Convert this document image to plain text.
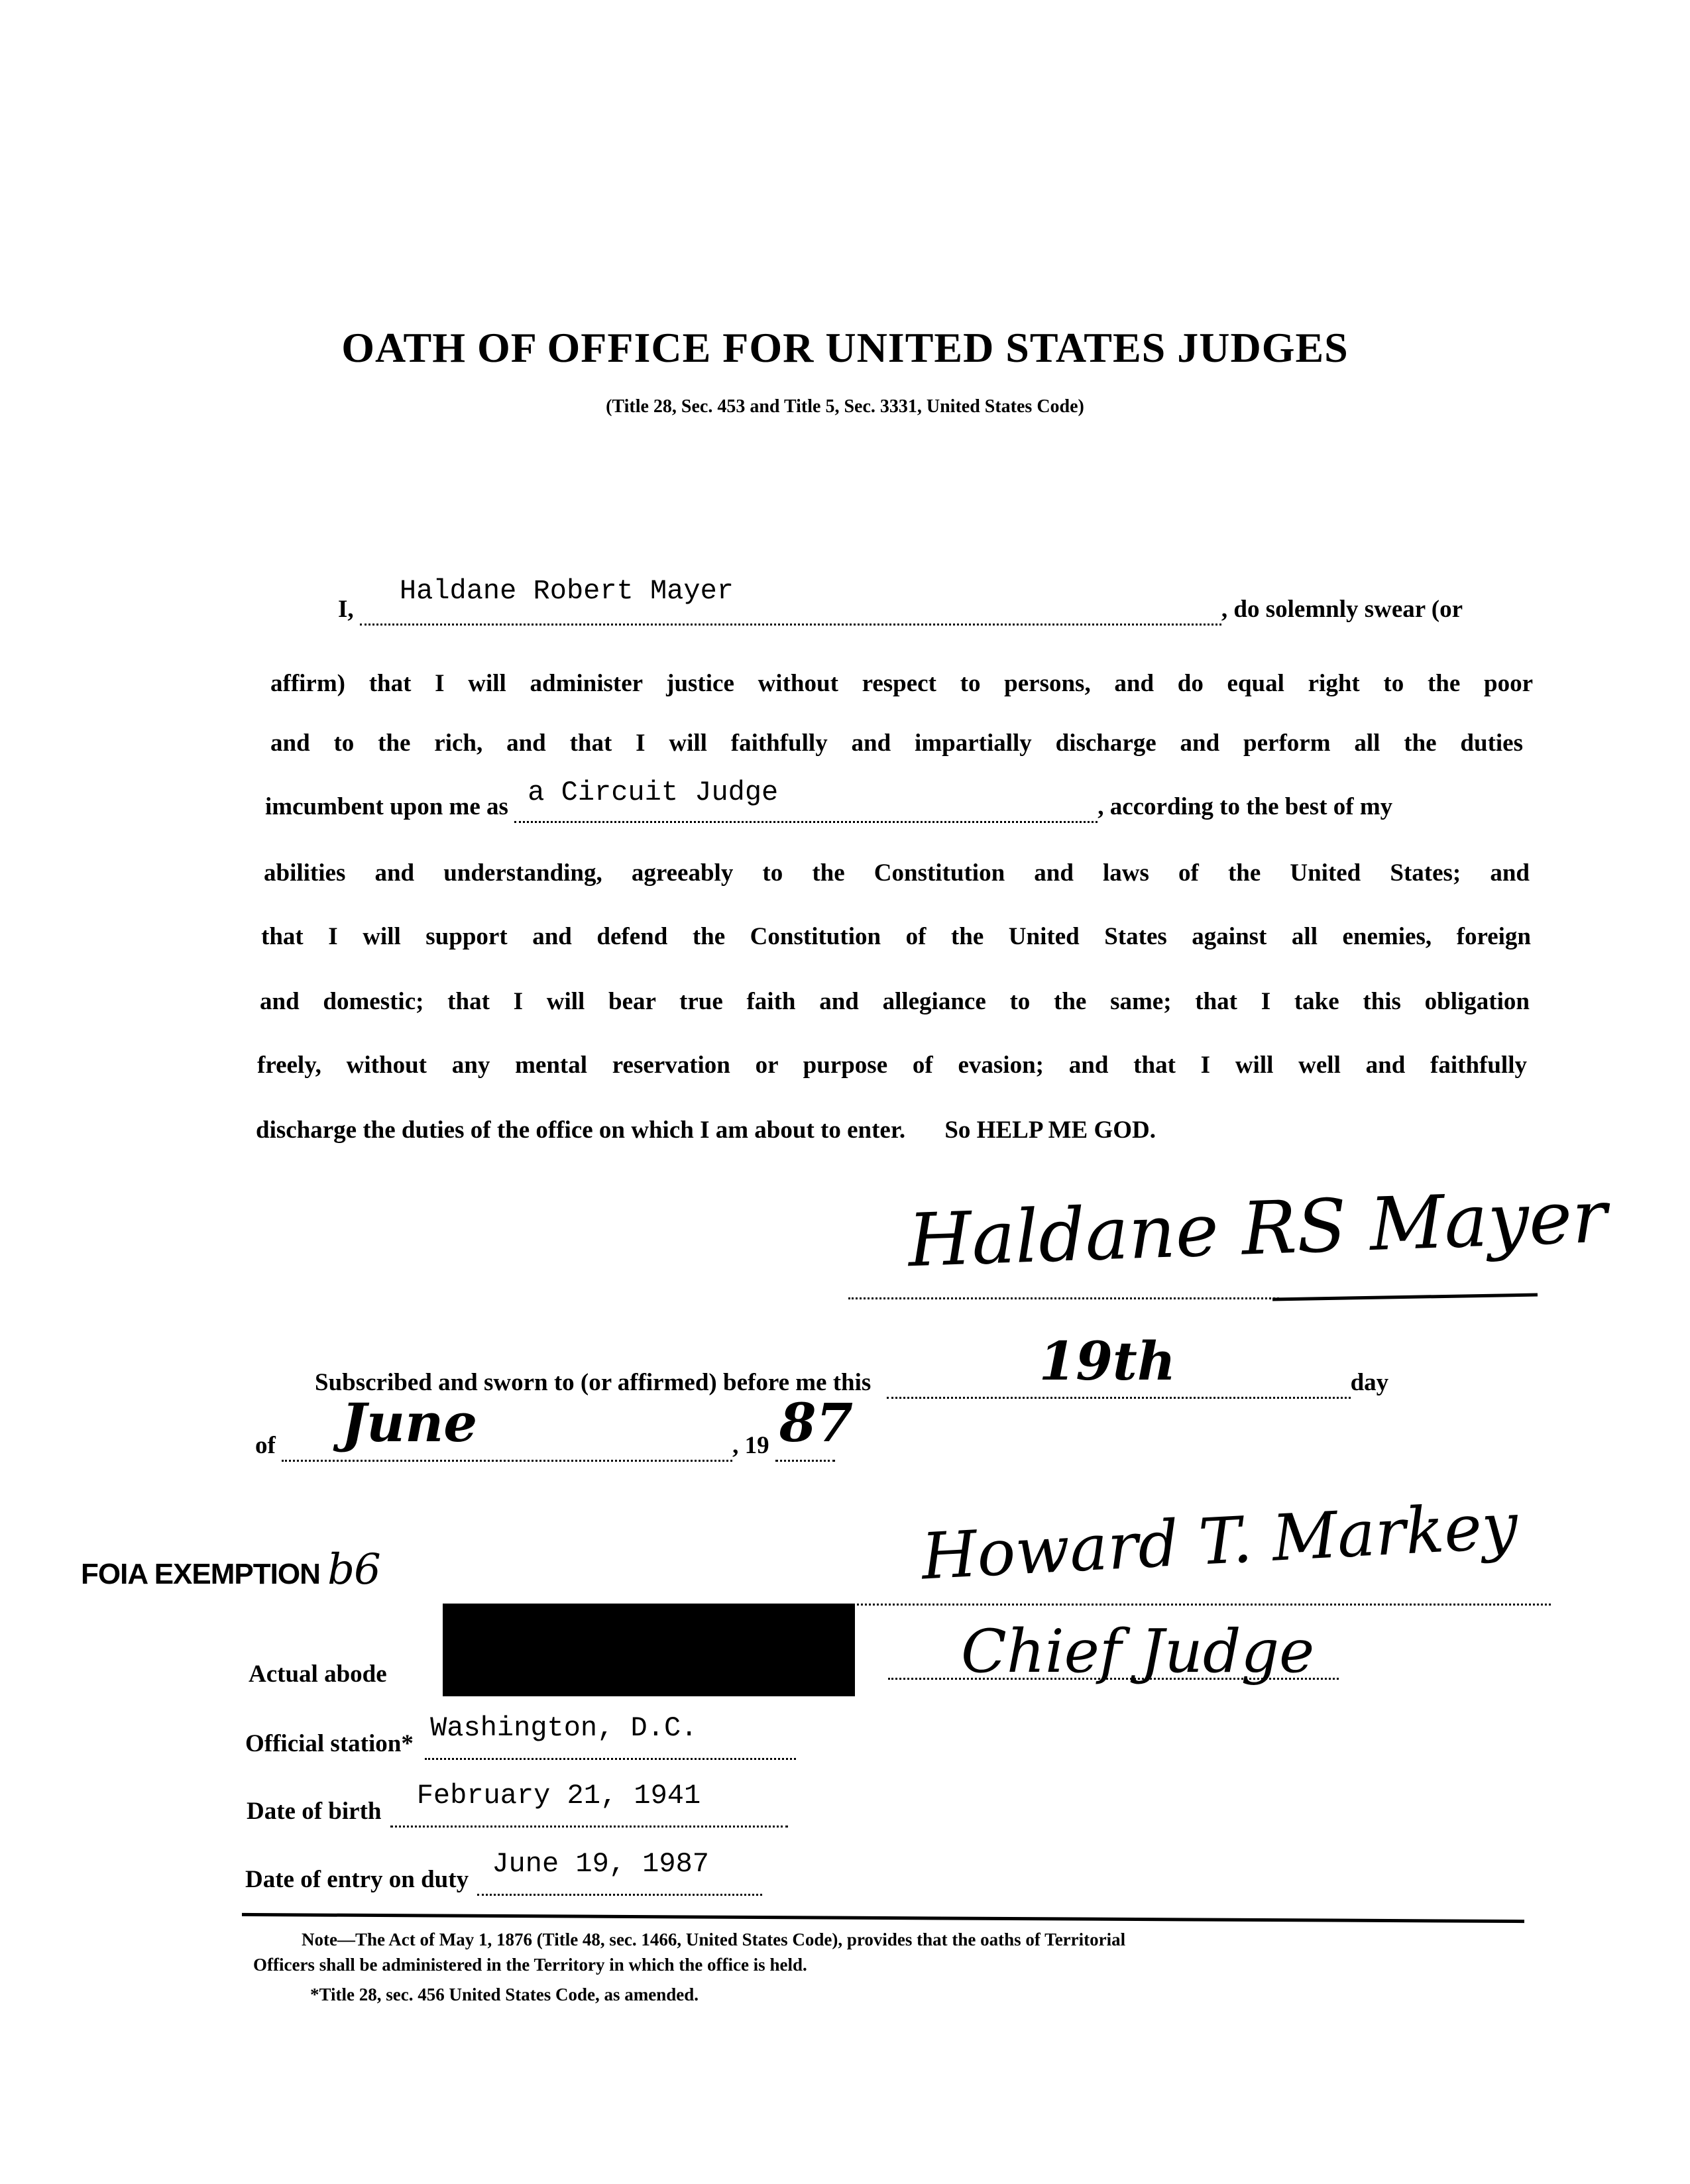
OATH OF OFFICE FOR UNITED STATES JUDGES
(Title 28, Sec. 453 and Title 5, Sec. 3331, United States Code)
I,
Haldane Robert Mayer
, do solemnly swear (or
affirm) that I will administer justice without respect to persons, and do equal right to the poor
and to the rich, and that I will faithfully and impartially discharge and perform all the duties
imcumbent upon me as a Circuit Judge	, according to the best of my
abilities and understanding, agreeably to the Constitution and laws of the United States; and
that I will support and defend the Constitution of the United States against all enemies, foreign
and domestic; that I will bear true faith and allegiance to the same; that I take this obligation
freely, without any mental reservation or purpose of evasion; and that I will well and faithfully
discharge the duties of the office on which I am about to enter. So HELP ME GOD.
Haldane RS Mayer
Subscribed and sworn to (or affirmed) before me this	19th	day
of June	, 19 87

FOIA EXEMPTION b6	Howard T. Markey
Chief Judge
Actual abode
Official station* Washington, D.C.

Date of birth February 21, 1941

Date of entry on duty June 19, 1987

Note—The Act of May 1, 1876 (Title 48, sec. 1466, United States Code), provides that the oaths of Territorial
Officers shall be administered in the Territory in which the office is held.
*Title 28, sec. 456 United States Code, as amended.
